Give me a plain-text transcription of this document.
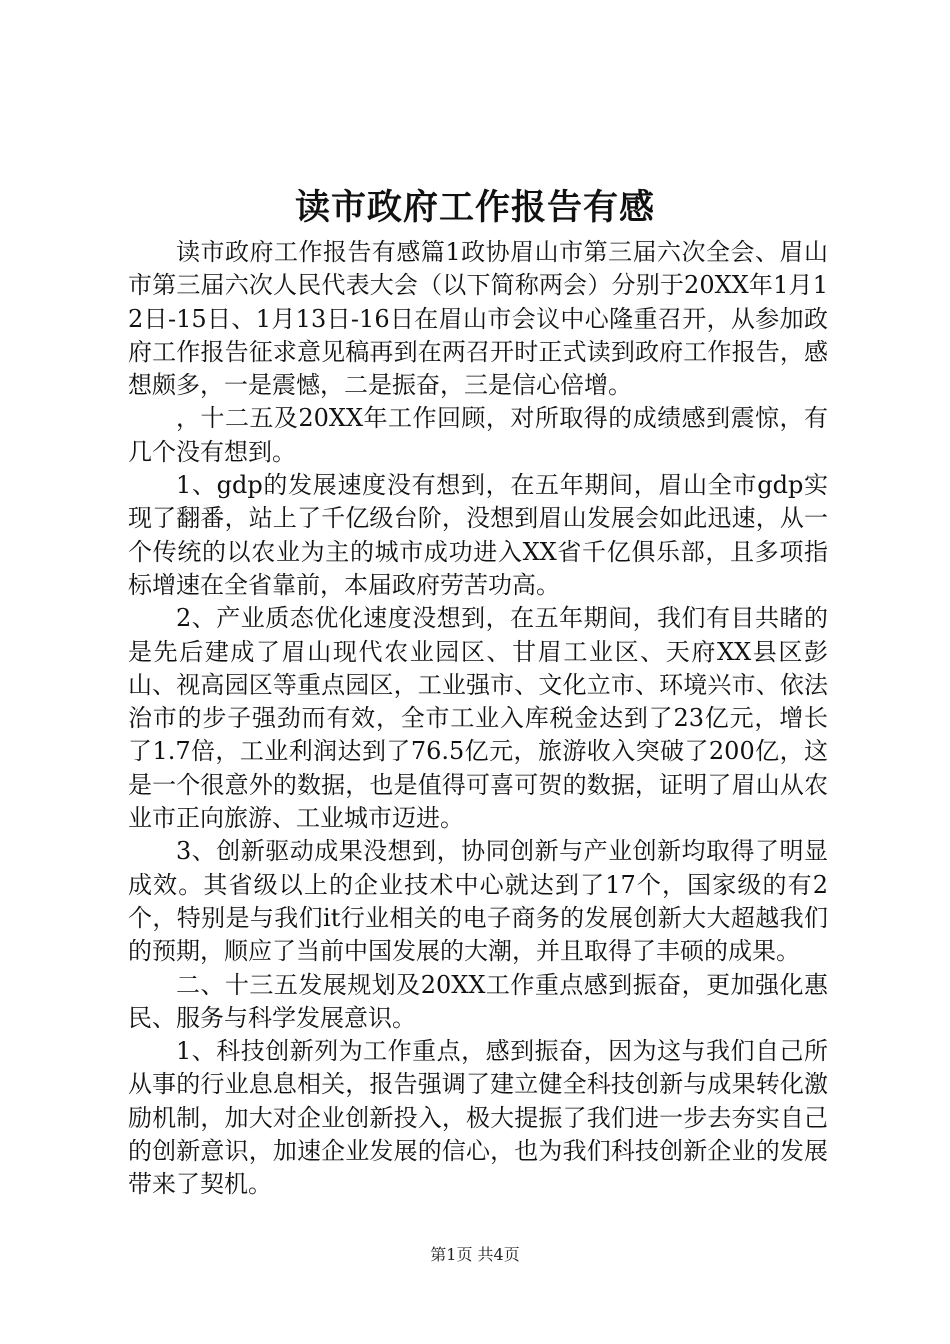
读市政府工作报告有感

读市政府工作报告有感篇1政协眉山市第三届六次全会、眉山市第三届六次人民代表大会（以下简称两会）分别于20XX年1月12日-15日、1月13日-16日在眉山市会议中心隆重召开，从参加政府工作报告征求意见稿再到在两召开时正式读到政府工作报告，感想颇多，一是震憾，二是振奋，三是信心倍增。

，十二五及20XX年工作回顾，对所取得的成绩感到震惊，有几个没有想到。

1、gdp的发展速度没有想到，在五年期间，眉山全市gdp实现了翻番，站上了千亿级台阶，没想到眉山发展会如此迅速，从一个传统的以农业为主的城市成功进入XX省千亿俱乐部，且多项指标增速在全省靠前，本届政府劳苦功高。

2、产业质态优化速度没想到，在五年期间，我们有目共睹的是先后建成了眉山现代农业园区、甘眉工业区、天府XX县区彭山、视高园区等重点园区，工业强市、文化立市、环境兴市、依法治市的步子强劲而有效，全市工业入库税金达到了23亿元，增长了1.7倍，工业利润达到了76.5亿元，旅游收入突破了200亿，这是一个很意外的数据，也是值得可喜可贺的数据，证明了眉山从农业市正向旅游、工业城市迈进。

3、创新驱动成果没想到，协同创新与产业创新均取得了明显成效。其省级以上的企业技术中心就达到了17个，国家级的有2个，特别是与我们it行业相关的电子商务的发展创新大大超越我们的预期，顺应了当前中国发展的大潮，并且取得了丰硕的成果。

二、十三五发展规划及20XX工作重点感到振奋，更加强化惠民、服务与科学发展意识。

1、科技创新列为工作重点，感到振奋，因为这与我们自己所从事的行业息息相关，报告强调了建立健全科技创新与成果转化激励机制，加大对企业创新投入，极大提振了我们进一步去夯实自己的创新意识，加速企业发展的信心，也为我们科技创新企业的发展带来了契机。

第1页 共4页
